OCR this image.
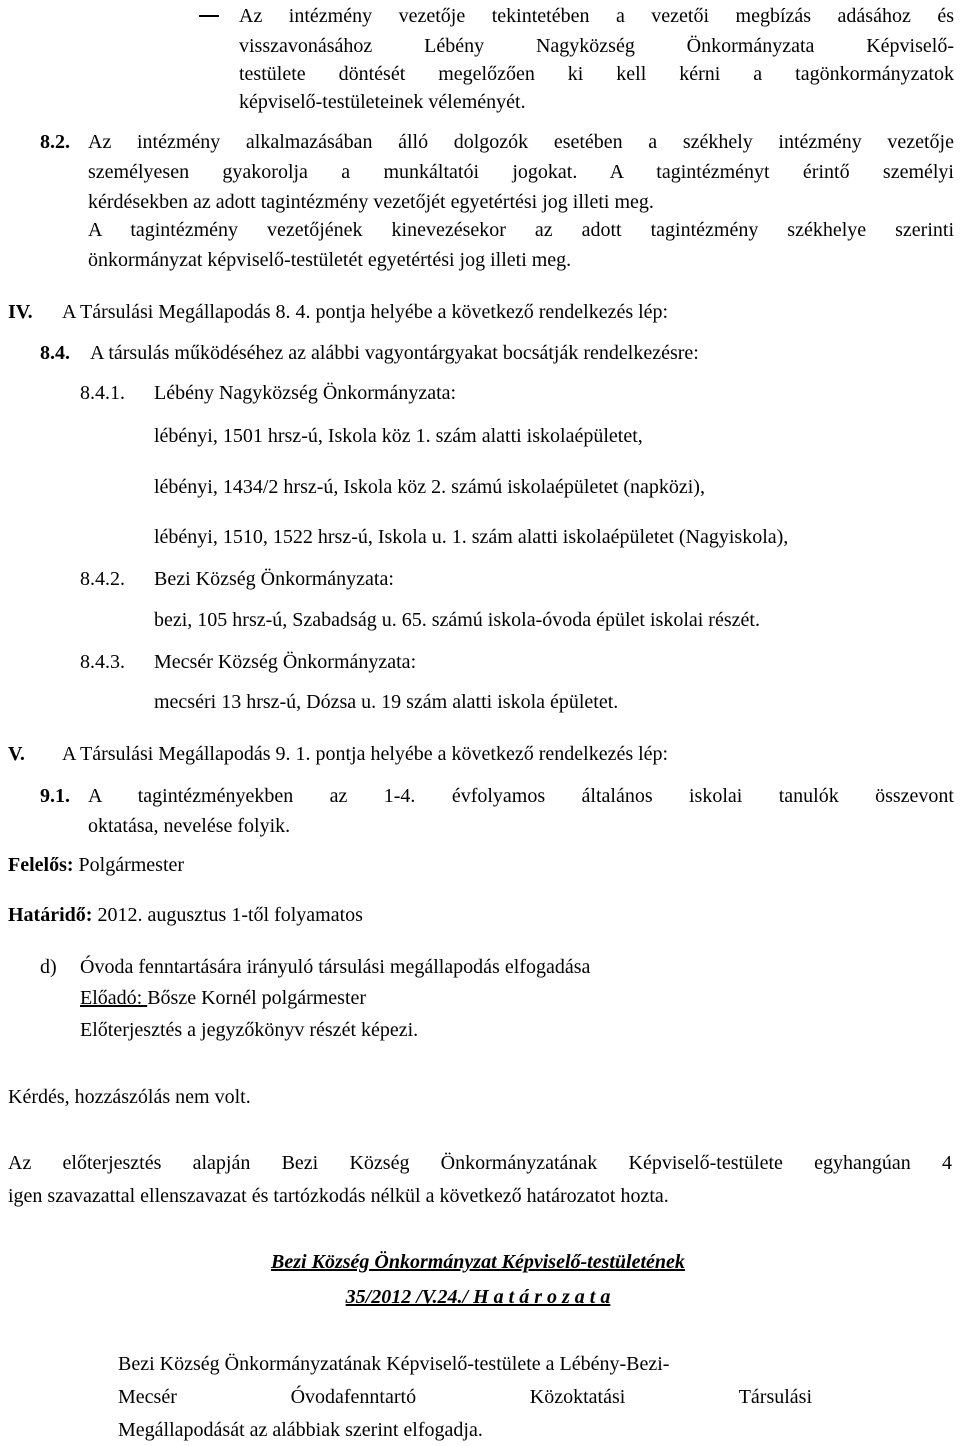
Az intézmény vezetője tekintetében a vezetői megbízás adásához és
visszavonásához Lébény Nagyközség Önkormányzata Képviselő-
testülete döntését megelőzően ki kell kérni a tagönkormányzatok
képviselő-testületeinek véleményét.
8.2. Az intézmény alkalmazásában álló dolgozók esetében a székhely intézmény vezetője
személyesen gyakorolja a munkáltatói jogokat. A tagintézményt érintő személyi
kérdésekben az adott tagintézmény vezetőjét egyetértési jog illeti meg.
A tagintézmény vezetőjének kinevezésekor az adott tagintézmény székhelye szerinti
önkormányzat képviselő-testületét egyetértési jog illeti meg.
IV. A Társulási Megállapodás 8. 4. pontja helyébe a következő rendelkezés lép:
8.4. A társulás működéséhez az alábbi vagyontárgyakat bocsátják rendelkezésre:
8.4.1. Lébény Nagyközség Önkormányzata:
lébényi, 1501 hrsz-ú, Iskola köz 1. szám alatti iskolaépületet,
lébényi, 1434/2 hrsz-ú, Iskola köz 2. számú iskolaépületet (napközi),
lébényi, 1510, 1522 hrsz-ú, Iskola u. 1. szám alatti iskolaépületet (Nagyiskola),
8.4.2. Bezi Község Önkormányzata:
bezi, 105 hrsz-ú, Szabadság u. 65. számú iskola-óvoda épület iskolai részét.
8.4.3. Mecsér Község Önkormányzata:
mecséri 13 hrsz-ú, Dózsa u. 19 szám alatti iskola épületet.
V. A Társulási Megállapodás 9. 1. pontja helyébe a következő rendelkezés lép:
9.1. A tagintézményekben az 1-4. évfolyamos általános iskolai tanulók összevont
oktatása, nevelése folyik.
Felelős: Polgármester
Határidő: 2012. augusztus 1-től folyamatos
d) Óvoda fenntartására irányuló társulási megállapodás elfogadása
Előadó: Bősze Kornél polgármester
Előterjesztés a jegyzőkönyv részét képezi.
Kérdés, hozzászólás nem volt.
Az előterjesztés alapján Bezi Község Önkormányzatának Képviselő-testülete egyhangúan 4
igen szavazattal ellenszavazat és tartózkodás nélkül a következő határozatot hozta.
Bezi Község Önkormányzat Képviselő-testületének
35/2012 /V.24./ H a t á r o z a t a
Bezi Község Önkormányzatának Képviselő-testülete a Lébény-Bezi-
Mecsér Óvodafenntartó Közoktatási Társulási
Megállapodását az alábbiak szerint elfogadja.
